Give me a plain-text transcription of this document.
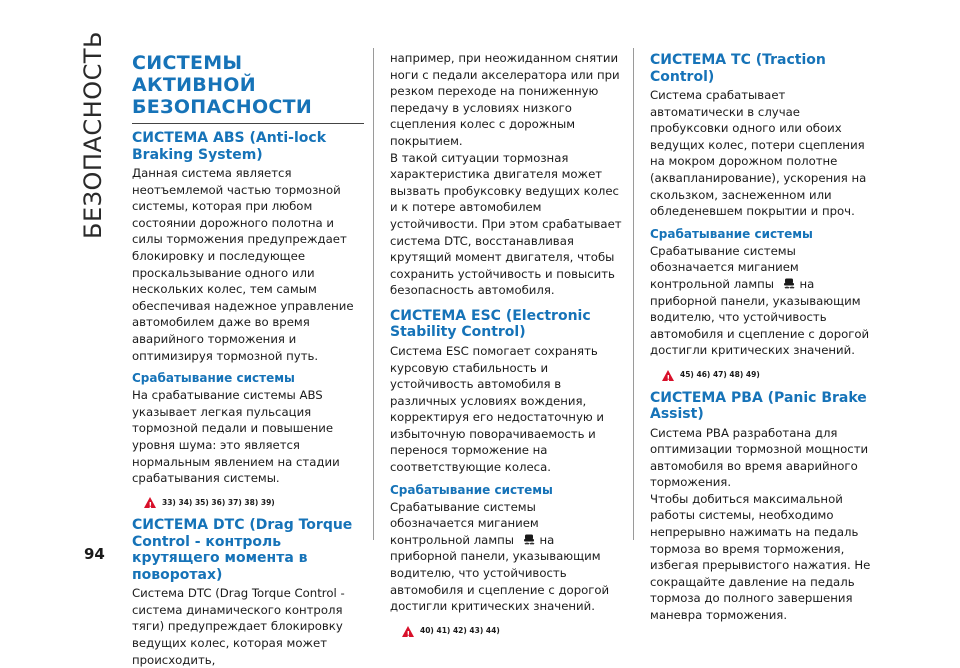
БЕЗОПАСНОСТЬ
94
СИСТЕМЫ АКТИВНОЙ БЕЗОПАСНОСТИ
СИСТЕМА ABS (Anti-lock Braking System)

Данная система является неотъемлемой частью тормозной системы, которая при любом состоянии дорожного полотна и силы торможения предупреждает блокировку и последующее проскальзывание одного или нескольких колес, тем самым обеспечивая надежное управление автомобилем даже во время аварийного торможения и оптимизируя тормозной путь.

Срабатывание системы

На срабатывание системы ABS указывает легкая пульсация тормозной педали и повышение уровня шума: это является нормальным явлением на стадии срабатывания системы.

!
33) 34) 35) 36) 37) 38) 39)
СИСТЕМА DTC (Drag Torque Control - контроль крутящего момента в поворотах)

Система DTC (Drag Torque Control - система динамического контроля тяги) предупреждает блокировку ведущих колес, которая может происходить,

например, при неожиданном снятии ноги с педали акселератора или при резком переходе на пониженную передачу в условиях низкого сцепления колес с дорожным покрытием.

В такой ситуации тормозная характеристика двигателя может вызвать пробуксовку ведущих колес и к потере автомобилем устойчивости. При этом срабатывает система DTC, восстанавливая крутящий момент двигателя, чтобы сохранить устойчивость и повысить безопасность автомобиля.

СИСТЕМА ESC (Electronic Stability Control)

Система ESC помогает сохранять курсовую стабильность и устойчивость автомобиля в различных условиях вождения, корректируя его недостаточную и избыточную поворачиваемость и перенося торможение на соответствующие колеса.

Срабатывание системы

Срабатывание системы обозначается миганием контрольной лампы на приборной панели, указывающим водителю, что устойчивость автомобиля и сцепление с дорогой достигли критических значений.

!
40) 41) 42) 43) 44)
СИСТЕМА TC (Traction Control)

Система срабатывает автоматически в случае пробуксовки одного или обоих ведущих колес, потери сцепления на мокром дорожном полотне (аквапланирование), ускорения на скользком, заснеженном или обледеневшем покрытии и проч.

Срабатывание системы

Срабатывание системы обозначается миганием контрольной лампы на приборной панели, указывающим водителю, что устойчивость автомобиля и сцепление с дорогой достигли критических значений.

!
45) 46) 47) 48) 49)
СИСТЕМА PBA (Panic Brake Assist)

Система PBA разработана для оптимизации тормозной мощности автомобиля во время аварийного торможения.

Чтобы добиться максимальной работы системы, необходимо непрерывно нажимать на педаль тормоза во время торможения, избегая прерывистого нажатия. Не сокращайте давление на педаль тормоза до полного завершения маневра торможения.
